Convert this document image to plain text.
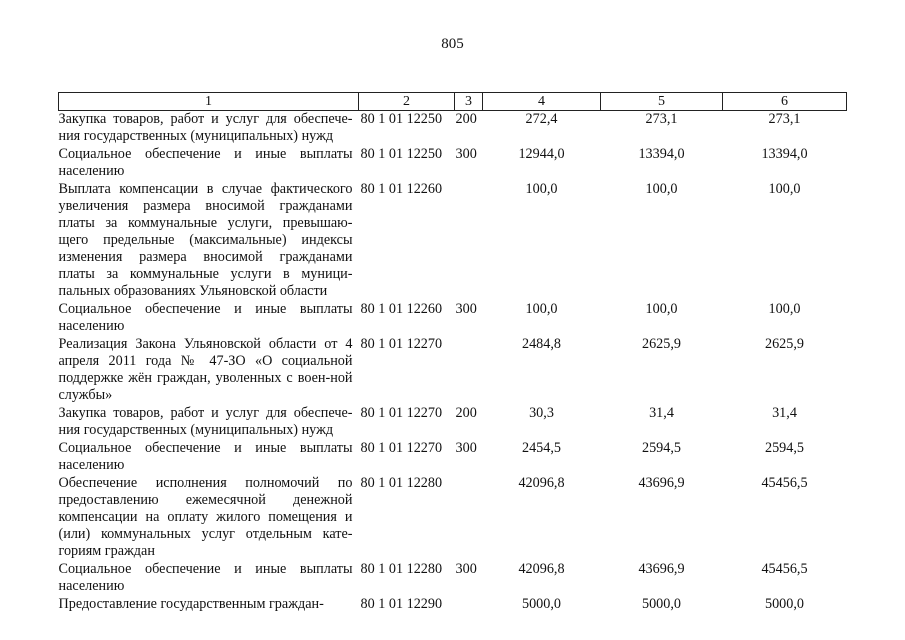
805
1	2	3	4	5	6
Закупка товаров, работ и услуг для обеспече-ния государственных (муниципальных) нужд	80 1 01 12250	200	272,4	273,1	273,1
Социальное обеспечение и иные выплаты населению	80 1 01 12250	300	12944,0	13394,0	13394,0
Выплата компенсации в случае фактического увеличения размера вносимой гражданами платы за коммунальные услуги, превышаю-щего предельные (максимальные) индексы изменения размера вносимой гражданами платы за коммунальные услуги в муници-пальных образованиях Ульяновской области	80 1 01 12260		100,0	100,0	100,0
Социальное обеспечение и иные выплаты населению	80 1 01 12260	300	100,0	100,0	100,0
Реализация Закона Ульяновской области от 4 апреля 2011 года № 47-ЗО «О социальной поддержке жён граждан, уволенных с воен-ной службы»	80 1 01 12270		2484,8	2625,9	2625,9
Закупка товаров, работ и услуг для обеспече-ния государственных (муниципальных) нужд	80 1 01 12270	200	30,3	31,4	31,4
Социальное обеспечение и иные выплаты населению	80 1 01 12270	300	2454,5	2594,5	2594,5
Обеспечение исполнения полномочий по предоставлению ежемесячной денежной компенсации на оплату жилого помещения и (или) коммунальных услуг отдельным кате-гориям граждан	80 1 01 12280		42096,8	43696,9	45456,5
Социальное обеспечение и иные выплаты населению	80 1 01 12280	300	42096,8	43696,9	45456,5
Предоставление государственным граждан-	80 1 01 12290		5000,0	5000,0	5000,0
